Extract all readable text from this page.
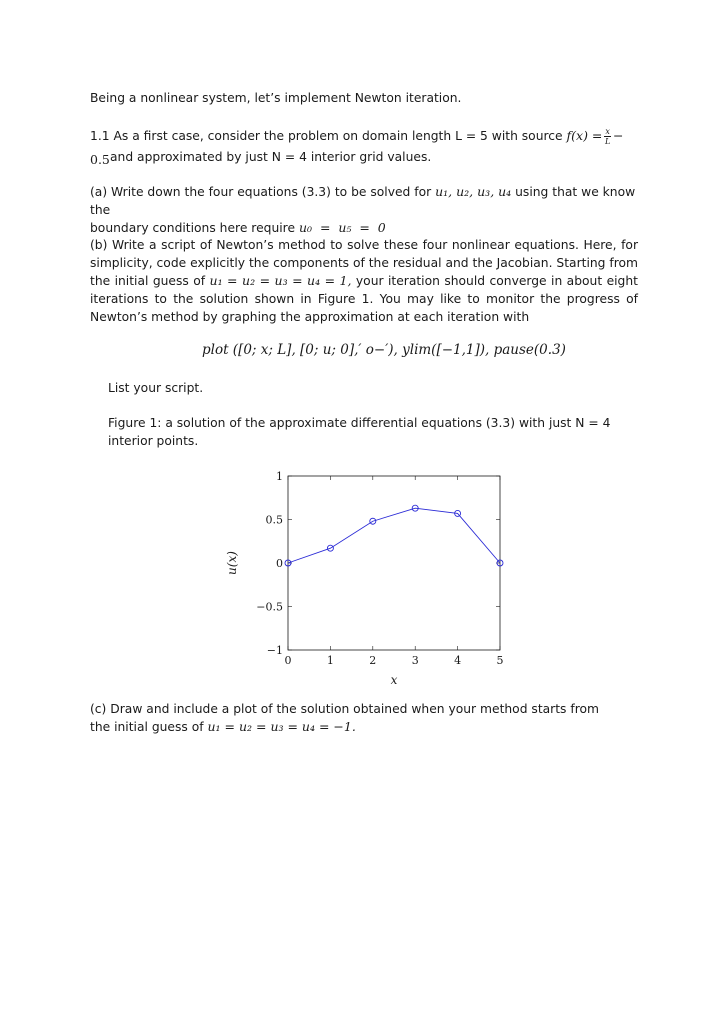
Being a nonlinear system, let’s implement Newton iteration.

1.1 As a first case, consider the problem on domain length L = 5 with source $f(x) = \frac{x}{L} - 0.5$ and approximated by just N = 4 interior grid values.

(a) Write down the four equations (3.3) to be solved for u₁, u₂, u₃, u₄ using that we know the
boundary conditions here require u₀  =  u₅  =  0
(b) Write a script of Newton’s method to solve these four nonlinear equations. Here, for simplicity, code explicitly the components of the residual and the Jacobian. Starting from the initial guess of u₁ = u₂ = u₃ = u₄ = 1, your iteration should converge in about eight iterations to the solution shown in Figure 1. You may like to monitor the progress of Newton’s method by graphing the approximation at each iteration with
plot ([0; x; L], [0; u; 0],′ o−′), ylim([−1,1]), pause(0.3)

List your script.

Figure 1: a solution of the approximate differential equations (3.3) with just N = 4 interior points.

0	1	2	3	4	5
−1
−0.5
0
0.5
1
x
u(x)
(c) Draw and include a plot of the solution obtained when your method starts from the initial guess of u₁ = u₂ = u₃ = u₄ = −1.
